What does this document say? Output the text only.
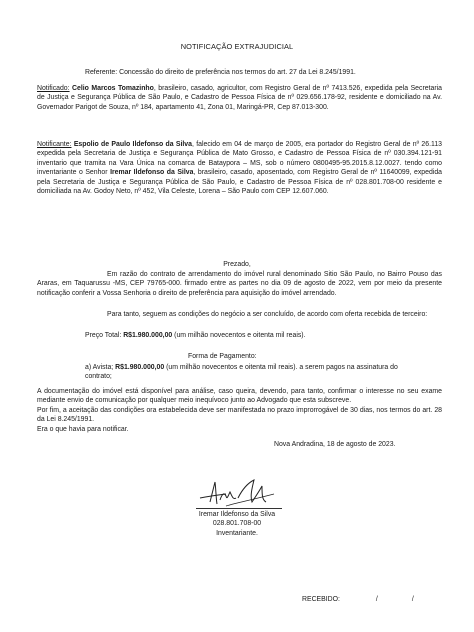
NOTIFICAÇÃO EXTRAJUDICIAL
Referente: Concessão do direito de preferência nos termos do art. 27 da Lei 8.245/1991.
Notificado: Celio Marcos Tomazinho, brasileiro, casado, agricultor, com Registro Geral de nº 7413.526, expedida pela Secretaria de Justiça e Segurança Pública de São Paulo, e Cadastro de Pessoa Física de nº 029.656.178-92, residente e domiciliado na Av. Governador Parigot de Souza, nº 184, apartamento 41, Zona 01, Maringá-PR, Cep 87.013-300.
Notificante: Espolio de Paulo Ildefonso da Silva, falecido em 04 de março de 2005, era portador do Registro Geral de nº 26.113 expedida pela Secretaria de Justiça e Segurança Pública de Mato Grosso, e Cadastro de Pessoa Física de nº 030.394.121-91 inventario que tramita na Vara Única na comarca de Bataypora – MS, sob o número 0800495-95.2015.8.12.0027. tendo como inventariante o Senhor Iremar Ildefonso da Silva, brasileiro, casado, aposentado, com Registro Geral de nº 11640099, expedida pela Secretaria de Justiça e Segurança Pública de São Paulo, e Cadastro de Pessoa Física de nº 028.801.708-00 residente e domiciliada na Av. Godoy Neto, nº 452, Vila Celeste, Lorena – São Paulo com CEP 12.607.060.
Prezado,
Em razão do contrato de arrendamento do imóvel rural denominado Sitio São Paulo, no Bairro Pouso das Araras, em Taquarussu -MS, CEP 79765-000. firmado entre as partes no dia 09 de agosto de 2022, vem por meio da presente notificação conferir a Vossa Senhoria o direito de preferência para aquisição do imóvel arrendado.
Para tanto, seguem as condições do negócio a ser concluído, de acordo com oferta recebida de terceiro:
Preço Total: R$1.980.000,00 (um milhão novecentos e oitenta mil reais).
Forma de Pagamento:
a) Avista; R$1.980.000,00 (um milhão novecentos e oitenta mil reais). a serem pagos na assinatura do contrato;
A documentação do imóvel está disponível para análise, caso queira, devendo, para tanto, confirmar o interesse no seu exame mediante envio de comunicação por qualquer meio inequívoco junto ao Advogado que esta subscreve.
Por fim, a aceitação das condições ora estabelecida deve ser manifestada no prazo improrrogável de 30 dias, nos termos do art. 28 da Lei 8.245/1991.
Era o que havia para notificar.
Nova Andradina, 18 de agosto de 2023.
Iremar Ildefonso da Silva
028.801.708-00
Inventariante.
RECEBIDO:	/	/
